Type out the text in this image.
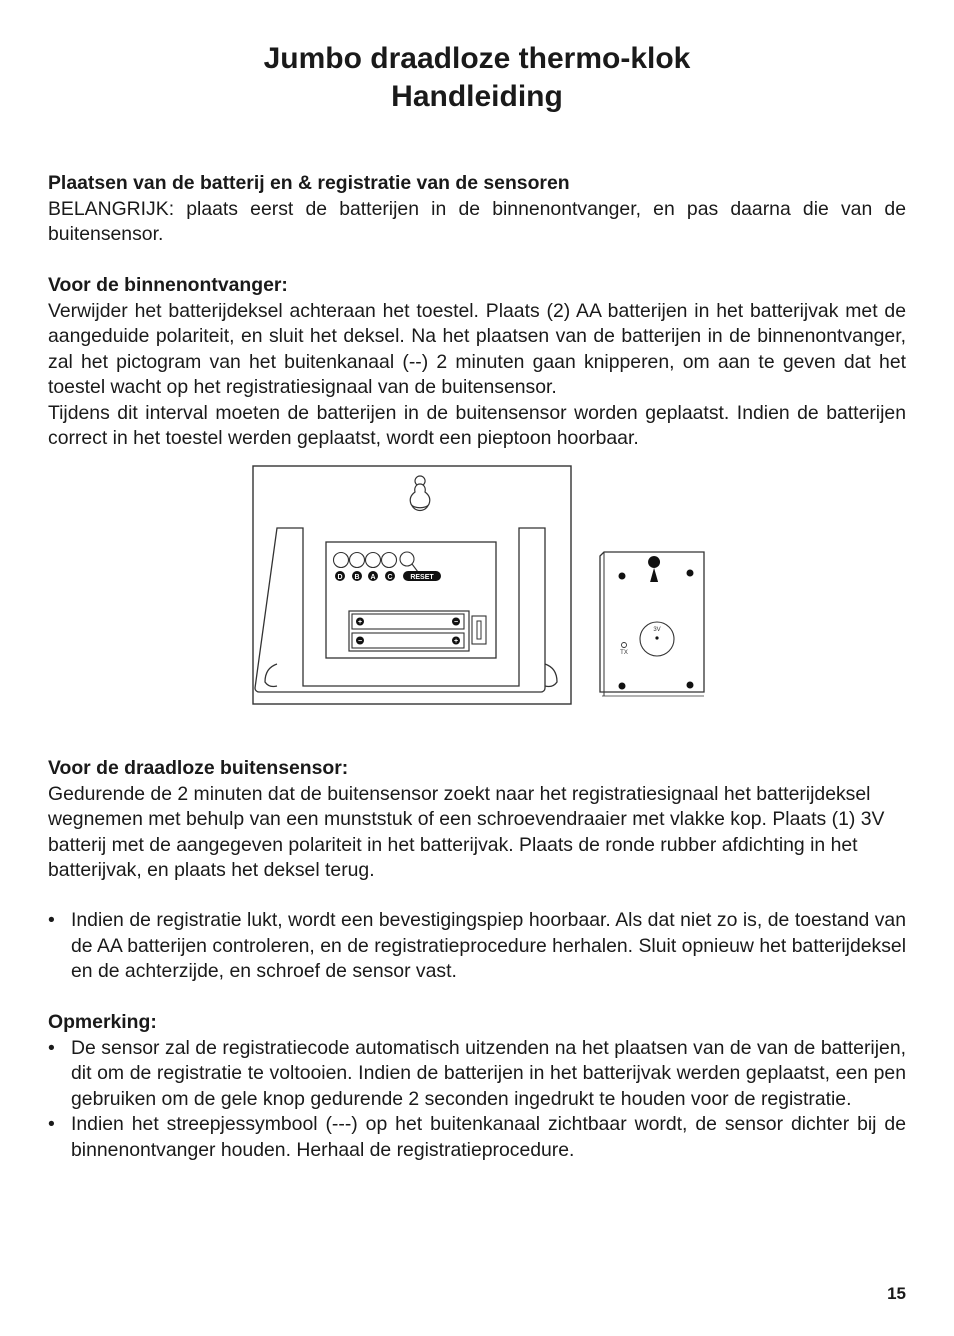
Jumbo draadloze thermo-klok
Handleiding

Plaatsen van de batterij en & registratie van de sensoren

BELANGRIJK: plaats eerst de batterijen in de binnenontvanger, en pas daarna die van de buitensensor.

Voor de binnenontvanger:

Verwijder het batterijdeksel achteraan het toestel. Plaats (2) AA batterijen in het batterijvak met de aangeduide polariteit, en sluit het deksel. Na het plaatsen van de batterijen in de binnenontvanger, zal het pictogram van het buitenkanaal (--) 2 minuten gaan knipperen, om aan te geven dat het toestel wacht op het registratiesignaal van de buitensensor.

Tijdens dit interval moeten de batterijen in de buitensensor worden geplaatst. Indien de batterijen correct in het toestel werden geplaatst, wordt een pieptoon hoorbaar.

D B A C	RESET
+	−
−	+
3V
TX

Voor de draadloze buitensensor:

Gedurende de 2 minuten dat de buitensensor zoekt naar het registratiesignaal het batterijdeksel wegnemen met behulp van een munststuk of een schroevendraaier met vlakke kop. Plaats (1) 3V batterij met de aangegeven polariteit in het batterijvak. Plaats de ronde rubber afdichting in het batterijvak, en plaats het deksel terug.

• Indien de registratie lukt, wordt een bevestigingspiep hoorbaar. Als dat niet zo is, de toestand van de AA batterijen controleren, en de registratieprocedure herhalen. Sluit opnieuw het batterijdeksel en de achterzijde, en schroef de sensor vast.

Opmerking:

• De sensor zal de registratiecode automatisch uitzenden na het plaatsen van de van de batterijen, dit om de registratie te voltooien. Indien de batterijen in het batterijvak werden geplaatst, een pen gebruiken om de gele knop gedurende 2 seconden ingedrukt te houden voor de registratie.
• Indien het streepjessymbool (---) op het buitenkanaal zichtbaar wordt, de sensor dichter bij de binnenontvanger houden. Herhaal de registratieprocedure.
15
